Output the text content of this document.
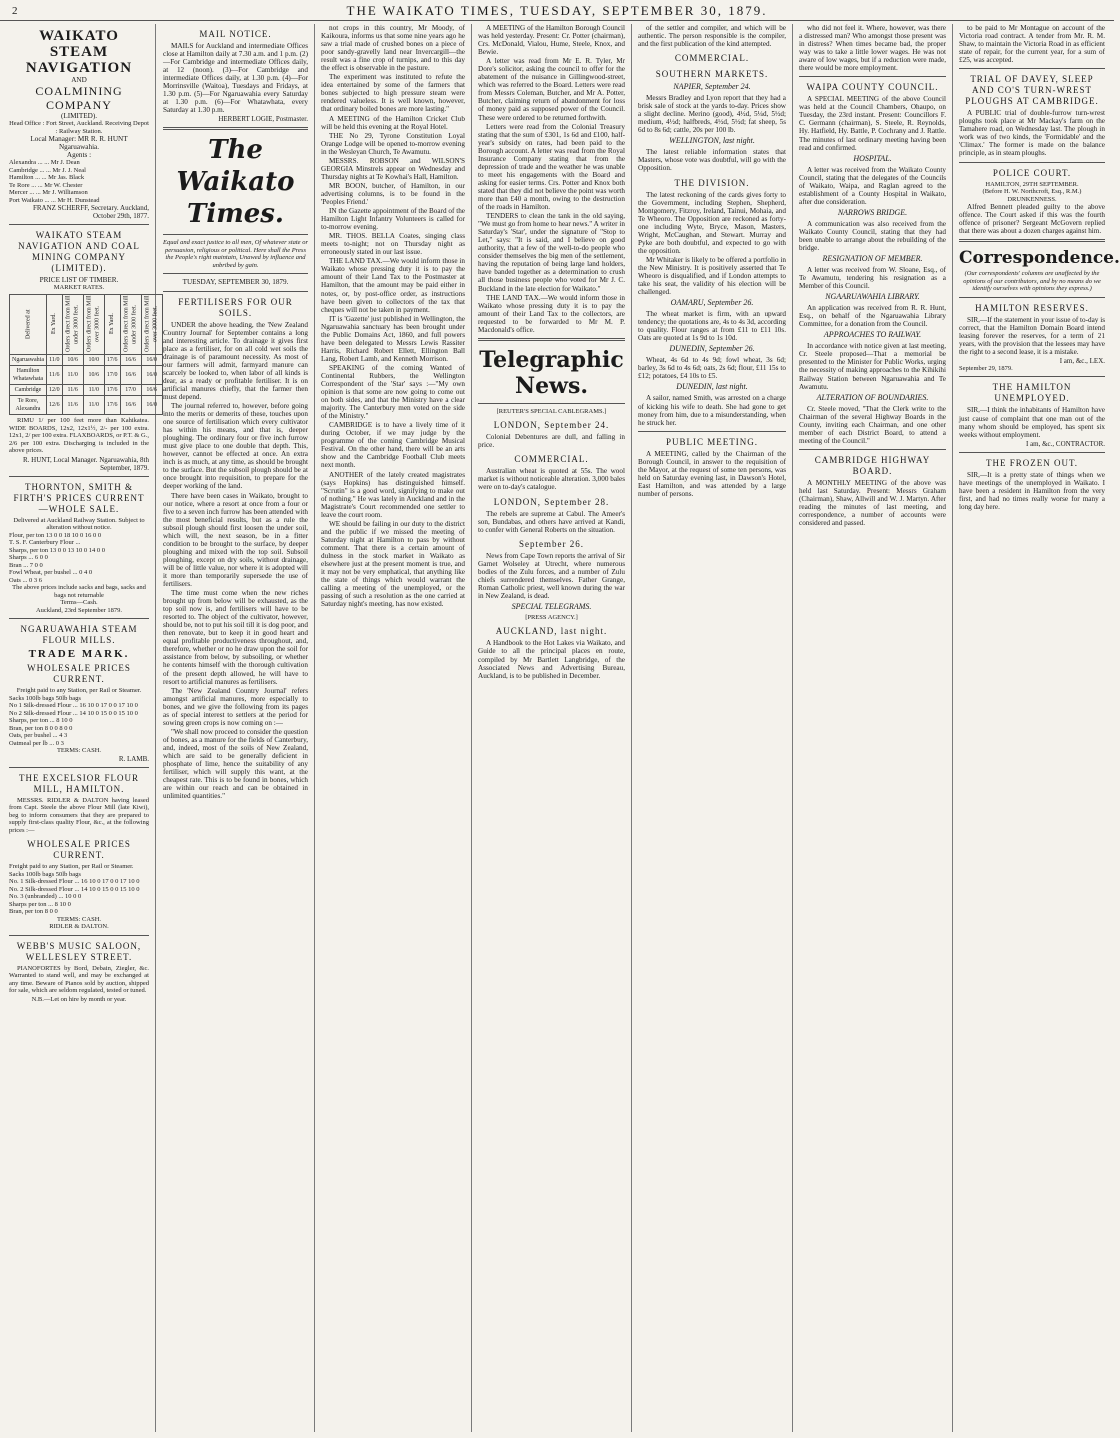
2	THE WAIKATO TIMES, TUESDAY, SEPTEMBER 30, 1879.
WAIKATO STEAM NAVIGATION
AND
COALMINING COMPANY
(LIMITED).
Head Office : Fort Street, Auckland. Receiving Depot : Railway Station.
Local Manager: MR R. R. HUNT
Ngaruawahia.
Agents :
Alexandra ... ... Mr J. Dean
Cambridge ... ... Mr J. J. Neal
Hamilton ... ... Mr Jas. Black
Te Rore ... ... Mr W. Chester
Mercer ... ... Mr J. Williamson
Port Waikato ... ... Mr H. Dunstead
FRANZ SCHERFF, Secretary. Auckland, October 29th, 1877.
WAIKATO STEAM NAVIGATION AND COAL MINING COMPANY (LIMITED).
PRICE LIST OF TIMBER.
MARKET RATES.
Delivered at	Ex Yard.	Orders direct from Mill under 3000 feet.	Orders direct from Mill over 3000 feet.	Ex Yard.	Orders direct from Mill under 3000 feet.	Orders direct from Mill over 3000 feet.
Ngaruawahia	11/0	10/6	10/0	17/6	16/6	16/0
Hamilton Whatawhata	11/6	11/0	10/6	17/0	16/6	16/0
Cambridge	12/0	11/6	11/0	17/6	17/0	16/6
Te Rore, Alexandra	12/6	11/6	11/0	17/6	16/6	16/0

RIMU 1/ per 100 feet more than Kahikatea. WIDE BOARDS, 12x2, 12x1½, 2/- per 100 extra. 12x1, 2/ per 100 extra. FLAXBOARDS, or P.T. & G., 2/6 per 100 extra. Discharging is included in the above prices.

R. HUNT, Local Manager. Ngaruawahia, 8th September, 1879.
THORNTON, SMITH & FIRTH'S PRICES CURRENT—WHOLE SALE.
Delivered at Auckland Railway Station. Subject to alteration without notice.
Flour, per ton 13 0 0 18 10 0 16 0 0
T. S. F. Canterbury Flour ...
Sharps, per ton 13 0 0 13 10 0 14 0 0
Sharps ... 6 0 0
Bran ... 7 0 0
Fowl Wheat, per bushel ... 0 4 0
Oats ... 0 3 6
The above prices include sacks and bags, sacks and bags not returnable
Terms—Cash.
Auckland, 23rd September 1879.
NGARUAWAHIA STEAM FLOUR MILLS.
TRADE MARK.
WHOLESALE PRICES CURRENT.
Freight paid to any Station, per Rail or Steamer.
Sacks 100lb bags 50lb bags
No 1 Silk-dressed Flour ... 16 10 0 17 0 0 17 10 0
No 2 Silk-dressed Flour ... 14 10 0 15 0 0 15 10 0
Sharps, per ton ... 8 10 0
Bran, per ton 8 0 0 8 0 0
Oats, per bushel ... 4 3
Oatmeal per lb ... 0 3
TERMS: CASH.
R. LAMB.
THE EXCELSIOR FLOUR MILL, HAMILTON.

MESSRS. RIDLER & DALTON having leased from Capt. Steele the above Flour Mill (late Kiwi), beg to inform consumers that they are prepared to supply first-class quality Flour, &c., at the following prices :—

WHOLESALE PRICES CURRENT.
Freight paid to any Station, per Rail or Steamer.
Sacks 100lb bags 50lb bags
No. 1 Silk-dressed Flour ... 16 10 0 17 0 0 17 10 0
No. 2 Silk-dressed Flour ... 14 10 0 15 0 0 15 10 0
No. 3 (unbranded) ... 10 0 0
Sharps per ton ... 8 10 0
Bran, per ton 8 0 0
TERMS: CASH.
RIDLER & DALTON.
WEBB'S MUSIC SALOON, WELLESLEY STREET.

PIANOFORTES by Bord, Debain, Ziegler, &c. Warranted to stand well, and may be exchanged at any time. Beware of Pianos sold by auction, shipped for sale, which are seldom regulated, tested or tuned.

N.B.—Let on hire by month or year.
MAIL NOTICE.

MAILS for Auckland and intermediate Offices close at Hamilton daily at 7.30 a.m. and 1 p.m. (2)—For Cambridge and intermediate Offices daily, at 12 (noon). (3)—For Cambridge and intermediate Offices daily, at 1.30 p.m. (4)—For Morrinsville (Waitoa), Tuesdays and Fridays, at 1.30 p.m. (5)—For Ngaruawahia every Saturday at 1.30 p.m. (6)—For Whatawhata, every Saturday at 1.30 p.m.

HERBERT LOGIE, Postmaster.
The Waikato Times.

Equal and exact justice to all men, Of whatever state or persuasion, religious or political. Here shall the Press the People's right maintain, Unawed by influence and unbribed by gain.

TUESDAY, SEPTEMBER 30, 1879.
FERTILISERS FOR OUR SOILS.

UNDER the above heading, the 'New Zealand Country Journal' for September contains a long and interesting article. To drainage it gives first place as a fertiliser, for on all cold wet soils the drainage is of paramount necessity. As most of our farmers will admit, farmyard manure can scarcely be looked to, when labor of all kinds is dear, as a ready or profitable fertiliser. It is on artificial manures chiefly, that the farmer then must depend.

The journal referred to, however, before going into the merits or demerits of these, touches upon one source of fertilisation which every cultivator has within his means, and that is, deeper ploughing. The ordinary four or five inch furrow must give place to one double that depth. This, however, cannot be effected at once. An extra inch is as much, at any time, as should be brought to the surface. But the subsoil plough should be at once brought into requisition, to prepare for the deeper working of the land.

There have been cases in Waikato, brought to our notice, where a resort at once from a four or five to a seven inch furrow has been attended with the most beneficial results, but as a rule the subsoil plough should first loosen the under soil, which will, the next season, be in a fitter condition to be brought to the surface, by deeper ploughing and mixed with the top soil. Subsoil ploughing, except on dry soils, without drainage, will be of little value, nor where it is adopted will it more than temporarily supersede the use of fertilisers.

The time must come when the new riches brought up from below will be exhausted, as the top soil now is, and fertilisers will have to be resorted to. The object of the cultivator, however, should be, not to put his soil till it is dog poor, and then renovate, but to keep it in good heart and equal profitable productiveness throughout, and, therefore, whether or no he draw upon the soil for assistance from below, by subsoiling, or whether he contents himself with the thorough cultivation of the present depth allowed, he will have to resort to artificial manures as fertilisers.

The 'New Zealand Country Journal' refers amongst artificial manures, more especially to bones, and we give the following from its pages as of special interest to settlers at the period for sowing green crops is now coming on :—

"We shall now proceed to consider the question of bones, as a manure for the fields of Canterbury, and, indeed, most of the soils of New Zealand, which are said to be generally deficient in phosphate of lime, hence the suitability of any fertiliser, which will supply this want, at the cheapest rate. This is to be found in bones, which are within our reach and can be obtained in unlimited quantities."

not crops in this country, Mr Moody, of Kaikoura, informs us that some nine years ago he saw a trial made of crushed bones on a piece of poor sandy-gravelly land near Invercargill—the result was a fine crop of turnips, and to this day the effect is observable in the pasture.

The experiment was instituted to refute the idea entertained by some of the farmers that bones subjected to high pressure steam were rendered valueless. It is well known, however, that ordinary boiled bones are more lasting."

A MEETING of the Hamilton Cricket Club will be held this evening at the Royal Hotel.

THE No 29, Tyrone Constitution Loyal Orange Lodge will be opened to-morrow evening in the Wesleyan Church, Te Awamutu.

MESSRS. ROBSON and WILSON'S GEORGIA Minstrels appear on Wednesday and Thursday nights at Te Kowhai's Hall, Hamilton.

MR BOON, butcher, of Hamilton, in our advertising columns, is to be found in the 'Peoples Friend.'

IN the Gazette appointment of the Board of the Hamilton Light Infantry Volunteers is called for to-morrow evening.

MR. THOS. BELLA Coates, singing class meets to-night; not on Thursday night as erroneously stated in our last issue.

THE LAND TAX.—We would inform those in Waikato whose pressing duty it is to pay the amount of their Land Tax to the Postmaster at Hamilton, that the amount may be paid either in notes, or, by post-office order, as instructions have been given to collectors of the tax that cheques will not be taken in payment.

IT is 'Gazette' just published in Wellington, the Ngaruawahia sanctuary has been brought under the Public Domains Act, 1860, and full powers have been delegated to Messrs Lewis Rassiter Harris, Richard Robert Ellett, Ellington Ball Lang, Robert Lamb, and Kenneth Morrison.

SPEAKING of the coming Wanted of Continental Rubbers, the Wellington Correspondent of the 'Star' says :—"My own opinion is that some are now going to come out on both sides, and that the Ministry have a clear majority. The Canterbury men voted on the side of the Ministry."

CAMBRIDGE is to have a lively time of it during October, if we may judge by the programme of the coming Cambridge Musical Festival. On the other hand, there will be an arts show and the Cambridge Football Club meets next month.

ANOTHER of the lately created magistrates (says Hopkins) has distinguished himself. "Scrutin" is a good word, signifying to make out of nothing." He was lately in Auckland and in the Magistrate's Court recommended one settler to leave the court room.

WE should be failing in our duty to the district and the public if we missed the meeting of Saturday night at Hamilton to pass by without comment. That there is a certain amount of dulness in the stock market in Waikato as elsewhere just at the present moment is true, and it may not be very emphatical, that anything like the state of things which would warrant the calling a meeting of the unemployed, or the passing of such a resolution as the one carried at Saturday night's meeting, has now existed.

A MEETING of the Hamilton Borough Council was held yesterday. Present: Cr. Potter (chairman), Crs. McDonald, Vialou, Hume, Steele, Knox, and Bewie.

A letter was read from Mr E. R. Tyler, Mr Dore's solicitor, asking the council to offer for the abatement of the nuisance in Gillingwood-street, which was referred to the Board. Letters were read from Messrs Coleman, Butcher, and Mr A. Potter, Butcher, claiming return of abandonment for loss of money paid as supposed power of the Council. These were ordered to be returned forthwith.

Letters were read from the Colonial Treasury stating that the sum of £301, 1s 6d and £100, half-year's subsidy on rates, had been paid to the Borough account. A letter was read from the Royal Insurance Company stating that from the depression of trade and the weather he was unable to meet his engagements with the Board and asking for easier terms. Crs. Potter and Knox both stated that they did not believe the point was worth more than £40 a month, owing to the destruction of the roads in Hamilton.

TENDERS to clean the tank in the old saying, "We must go from home to hear news." A writer in Saturday's 'Star', under the signature of "Stop to Let," says: "It is said, and I believe on good authority, that a few of the well-to-do people who consider themselves the big men of the settlement, having the reputation of being large land holders, have banded together as a determination to crush all those business people who voted for Mr J. C. Buckland in the late election for Waikato."

THE LAND TAX.—We would inform those in Waikato whose pressing duty it is to pay the amount of their Land Tax to the collectors, are requested to be forwarded to Mr M. P. Macdonald's office.

Telegraphic News.
[REUTER'S SPECIAL CABLEGRAMS.]
LONDON, September 24.

Colonial Debentures are dull, and falling in price.

COMMERCIAL.

Australian wheat is quoted at 55s. The wool market is without noticeable alteration. 3,000 bales were on to-day's catalogue.

LONDON, September 28.

The rebels are supreme at Cabul. The Ameer's son, Bundabas, and others have arrived at Kandi, to confer with General Roberts on the situation.

September 26.

News from Cape Town reports the arrival of Sir Garnet Wolseley at Utrecht, where numerous bodies of the Zulu forces, and a number of Zulu chiefs surrendered themselves. Father Grange, Roman Catholic priest, well known during the war in New Zealand, is dead.

SPECIAL TELEGRAMS.
[PRESS AGENCY.]
AUCKLAND, last night.

A Handbook to the Hot Lakes via Waikato, and Guide to all the principal places en route, compiled by Mr Bartlett Langbridge, of the Associated News and Advertising Bureau, Auckland, is to be published in December.

of the settler and compiler, and which will be authentic. The person responsible is the compiler, and the first publication of the kind attempted.

COMMERCIAL.
SOUTHERN MARKETS.
NAPIER, September 24.

Messrs Bradley and Lyon report that they had a brisk sale of stock at the yards to-day. Prices show a slight decline. Merino (good), 4½d, 5¼d, 5½d; medium, 4½d; halfbreds, 4½d, 5½d; fat sheep, 5s 6d to 8s 6d; cattle, 20s per 100 lb.

WELLINGTON, last night.

The latest reliable information states that Masters, whose vote was doubtful, will go with the Opposition.

THE DIVISION.

The latest reckoning of the cards gives forty to the Government, including Stephen, Shepherd, Montgomery, Fitzroy, Ireland, Tainui, Mohaia, and Te Wheoro. The Opposition are reckoned as forty-one including Wyte, Bryce, Mason, Masters, Wright, McCaughan, and Stewart. Murray and Pyke are both doubtful, and expected to go with the opposition.

Mr Whitaker is likely to be offered a portfolio in the New Ministry. It is positively asserted that Te Wheoro is disqualified, and if London attempts to take his seat, the validity of his election will be challenged.

OAMARU, September 26.

The wheat market is firm, with an upward tendency; the quotations are, 4s to 4s 3d, according to quality. Flour ranges at from £11 to £11 10s. Oats are quoted at 1s 9d to 1s 10d.

DUNEDIN, September 26.

Wheat, 4s 6d to 4s 9d; fowl wheat, 3s 6d; barley, 3s 6d to 4s 6d; oats, 2s 6d; flour, £11 15s to £12; potatoes, £4 10s to £5.

DUNEDIN, last night.

A sailor, named Smith, was arrested on a charge of kicking his wife to death. She had gone to get money from him, due to a misunderstanding, when he struck her.

PUBLIC MEETING.

A MEETING, called by the Chairman of the Borough Council, in answer to the requisition of the Mayor, at the request of some ten persons, was held on Saturday evening last, in Dawson's Hotel, East Hamilton, and was attended by a large number of persons.

who did not feel it. Where, however, was there a distressed man? Who amongst those present was in distress? When times became bad, the proper way was to take a little lower wages. He was not aware of low wages, but if a reduction were made, there would be more employment.

WAIPA COUNTY COUNCIL.

A SPECIAL MEETING of the above Council was held at the Council Chambers, Ohaupo, on Tuesday, the 23rd instant. Present: Councillors F. C. Germann (chairman), S. Steele, R. Reynolds, Hy. Hatfield, Hy. Battle, P. Cochrany and J. Rattle. The minutes of last ordinary meeting having been read and confirmed.

HOSPITAL.

A letter was received from the Waikato County Council, stating that the delegates of the Councils of Waikato, Waipa, and Raglan agreed to the establishment of a County Hospital in Waikato, after due consideration.

NARROWS BRIDGE.

A communication was also received from the Waikato County Council, stating that they had been unable to arrange about the rebuilding of the bridge.

RESIGNATION OF MEMBER.

A letter was received from W. Sloane, Esq., of Te Awamutu, tendering his resignation as a Member of this Council.

NGAARUAWAHIA LIBRARY.

An application was received from R. R. Hunt, Esq., on behalf of the Ngaruawahia Library Committee, for a donation from the Council.

APPROACHES TO RAILWAY.

In accordance with notice given at last meeting, Cr. Steele proposed—That a memorial be presented to the Minister for Public Works, urging the necessity of making approaches to the Kihikihi Railway Station between Ngaruawahia and Te Awamutu.

ALTERATION OF BOUNDARIES.

Cr. Steele moved, "That the Clerk write to the Chairman of the several Highway Boards in the County, inviting each Chairman, and one other member of each District Board, to attend a meeting of the Council."

CAMBRIDGE HIGHWAY BOARD.

A MONTHLY MEETING of the above was held last Saturday. Present: Messrs Graham (Chairman), Shaw, Allwill and W. J. Martyn. After reading the minutes of last meeting, and correspondence, a number of accounts were considered and passed.

to be paid to Mr Montague on account of the Victoria road contract. A tender from Mr. R. M. Shaw, to maintain the Victoria Road in as efficient state of repair, for the current year, for a sum of £25, was accepted.

TRIAL OF DAVEY, SLEEP AND CO'S TURN-WREST PLOUGHS AT CAMBRIDGE.

A PUBLIC trial of double-furrow turn-wrest ploughs took place at Mr Mackay's farm on the Tamahere road, on Wednesday last. The plough in work was of two kinds, the 'Formidable' and the 'Climax.' The former is made on the balance principle, as in steam ploughs.

POLICE COURT.
HAMILTON, 29TH SEPTEMBER.
(Before H. W. Northcroft, Esq., R.M.)
DRUNKENNESS.

Alfred Bennett pleaded guilty to the above offence. The Court asked if this was the fourth offence of prisoner? Sergeant McGovern replied that there was about a dozen charges against him.

Correspondence.

(Our correspondents' columns are unaffected by the opinions of our contributors, and by no means do we identify ourselves with opinions they express.)

HAMILTON RESERVES.

SIR,—If the statement in your issue of to-day is correct, that the Hamilton Domain Board intend leasing forever the reserves, for a term of 21 years, with the provision that the lessees may have the right to a second lease, it is a mistake.

I am, &c., LEX.
September 29, 1879.
THE HAMILTON UNEMPLOYED.

SIR,—I think the inhabitants of Hamilton have just cause of complaint that one man out of the many whom should be employed, has spent six weeks without employment.

I am, &c., CONTRACTOR.
THE FROZEN OUT.

SIR,—It is a pretty state of things when we have meetings of the unemployed in Waikato. I have been a resident in Hamilton from the very first, and had no times really worse for many a long day here.
